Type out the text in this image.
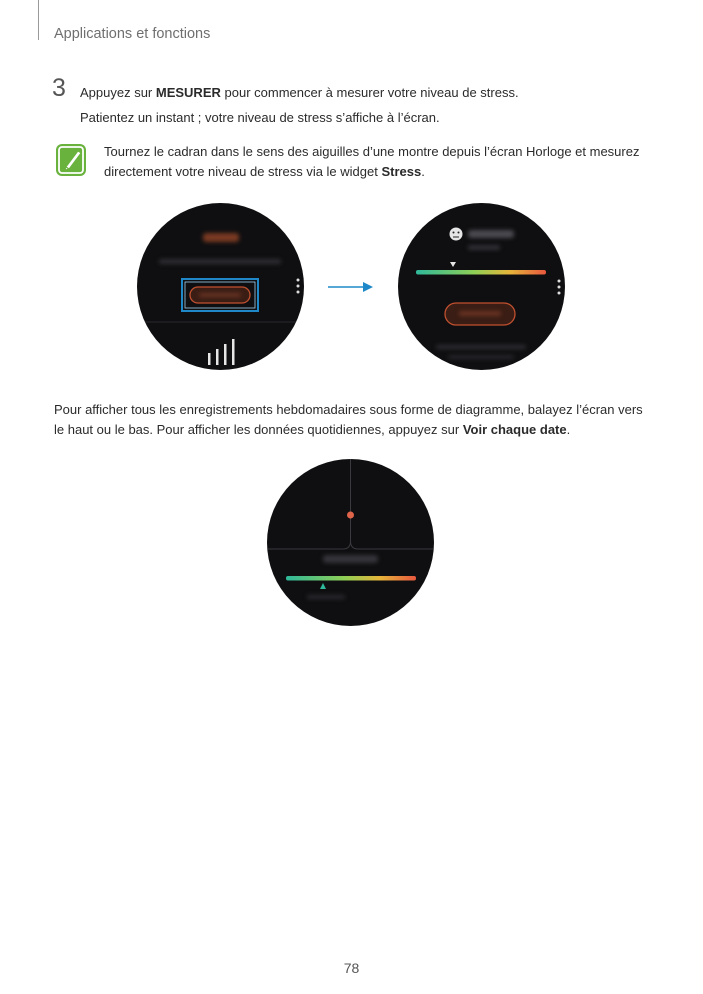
Applications et fonctions
3 Appuyez sur MESURER pour commencer à mesurer votre niveau de stress.
Patientez un instant ; votre niveau de stress s’affiche à l’écran.
Tournez le cadran dans le sens des aiguilles d’une montre depuis l’écran Horloge et mesurez directement votre niveau de stress via le widget Stress.
Pour afficher tous les enregistrements hebdomadaires sous forme de diagramme, balayez l’écran vers le haut ou le bas. Pour afficher les données quotidiennes, appuyez sur Voir chaque date.
78
